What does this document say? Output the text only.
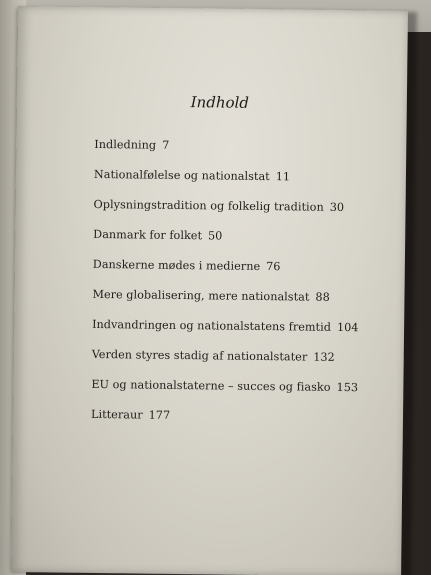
Indhold
Indledning 7
Nationalfølelse og nationalstat 11
Oplysningstradition og folkelig tradition 30
Danmark for folket 50
Danskerne mødes i medierne 76
Mere globalisering, mere nationalstat 88
Indvandringen og nationalstatens fremtid 104
Verden styres stadig af nationalstater 132
EU og nationalstaterne – succes og fiasko 153
Litteraur 177
